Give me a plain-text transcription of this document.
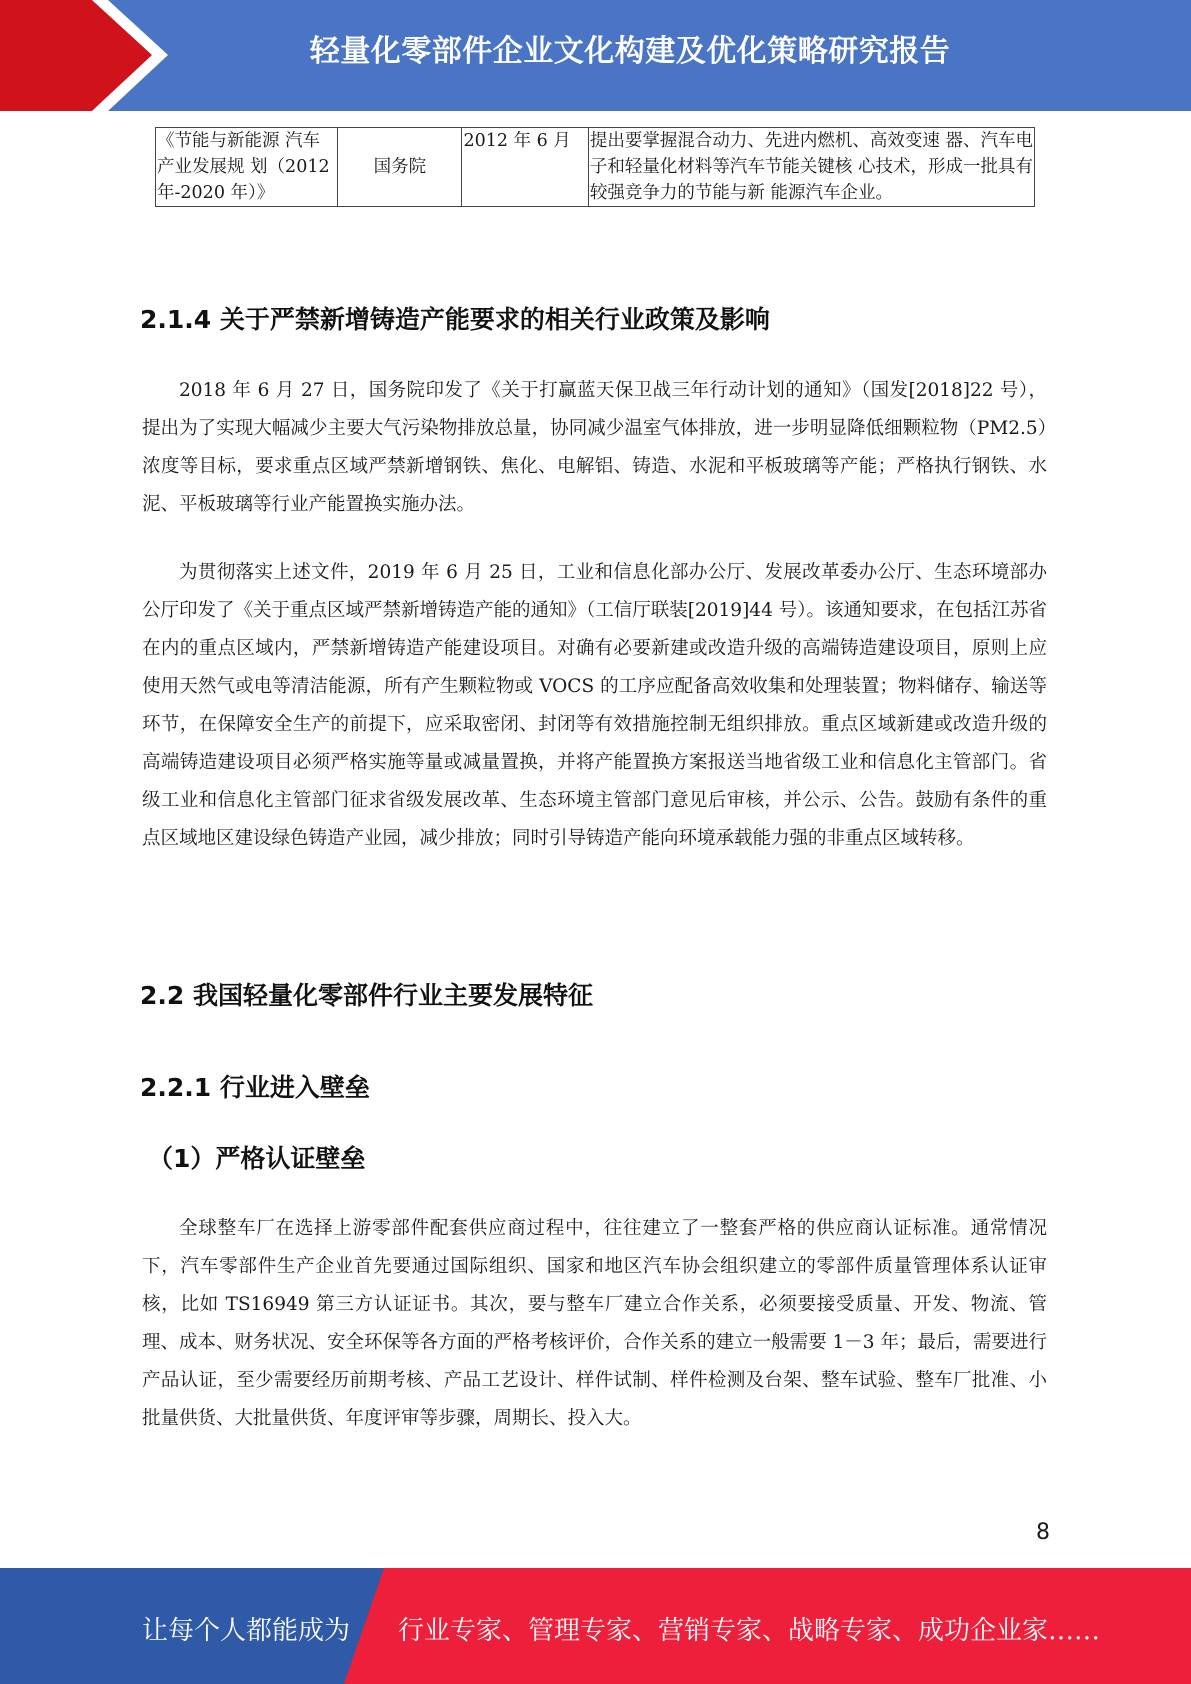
轻量化零部件企业文化构建及优化策略研究报告
《节能与新能源 汽车产业发展规 划（2012 年-2020 年）》	国务院	2012 年 6 月	提出要掌握混合动力、先进内燃机、高效变速 器、汽车电子和轻量化材料等汽车节能关键核 心技术，形成一批具有较强竞争力的节能与新 能源汽车企业。
2.1.4 关于严禁新增铸造产能要求的相关行业政策及影响

2018 年 6 月 27 日，国务院印发了《关于打赢蓝天保卫战三年行动计划的通知》（国发[2018]22 号），提出为了实现大幅减少主要大气污染物排放总量，协同减少温室气体排放，进一步明显降低细颗粒物（PM2.5）浓度等目标，要求重点区域严禁新增钢铁、焦化、电解铝、铸造、水泥和平板玻璃等产能；严格执行钢铁、水泥、平板玻璃等行业产能置换实施办法。

为贯彻落实上述文件，2019 年 6 月 25 日，工业和信息化部办公厅、发展改革委办公厅、生态环境部办公厅印发了《关于重点区域严禁新增铸造产能的通知》（工信厅联装[2019]44 号）。该通知要求，在包括江苏省在内的重点区域内，严禁新增铸造产能建设项目。对确有必要新建或改造升级的高端铸造建设项目，原则上应使用天然气或电等清洁能源，所有产生颗粒物或 VOCS 的工序应配备高效收集和处理装置；物料储存、输送等环节，在保障安全生产的前提下，应采取密闭、封闭等有效措施控制无组织排放。重点区域新建或改造升级的高端铸造建设项目必须严格实施等量或减量置换，并将产能置换方案报送当地省级工业和信息化主管部门。省级工业和信息化主管部门征求省级发展改革、生态环境主管部门意见后审核，并公示、公告。鼓励有条件的重点区域地区建设绿色铸造产业园，减少排放；同时引导铸造产能向环境承载能力强的非重点区域转移。

2.2 我国轻量化零部件行业主要发展特征
2.2.1 行业进入壁垒
（1）严格认证壁垒

全球整车厂在选择上游零部件配套供应商过程中，往往建立了一整套严格的供应商认证标准。通常情况下，汽车零部件生产企业首先要通过国际组织、国家和地区汽车协会组织建立的零部件质量管理体系认证审核，比如 TS16949 第三方认证证书。其次，要与整车厂建立合作关系，必须要接受质量、开发、物流、管理、成本、财务状况、安全环保等各方面的严格考核评价，合作关系的建立一般需要 1－3 年；最后，需要进行产品认证，至少需要经历前期考核、产品工艺设计、样件试制、样件检测及台架、整车试验、整车厂批准、小批量供货、大批量供货、年度评审等步骤，周期长、投入大。

8
让每个人都能成为 行业专家、管理专家、营销专家、战略专家、成功企业家……
